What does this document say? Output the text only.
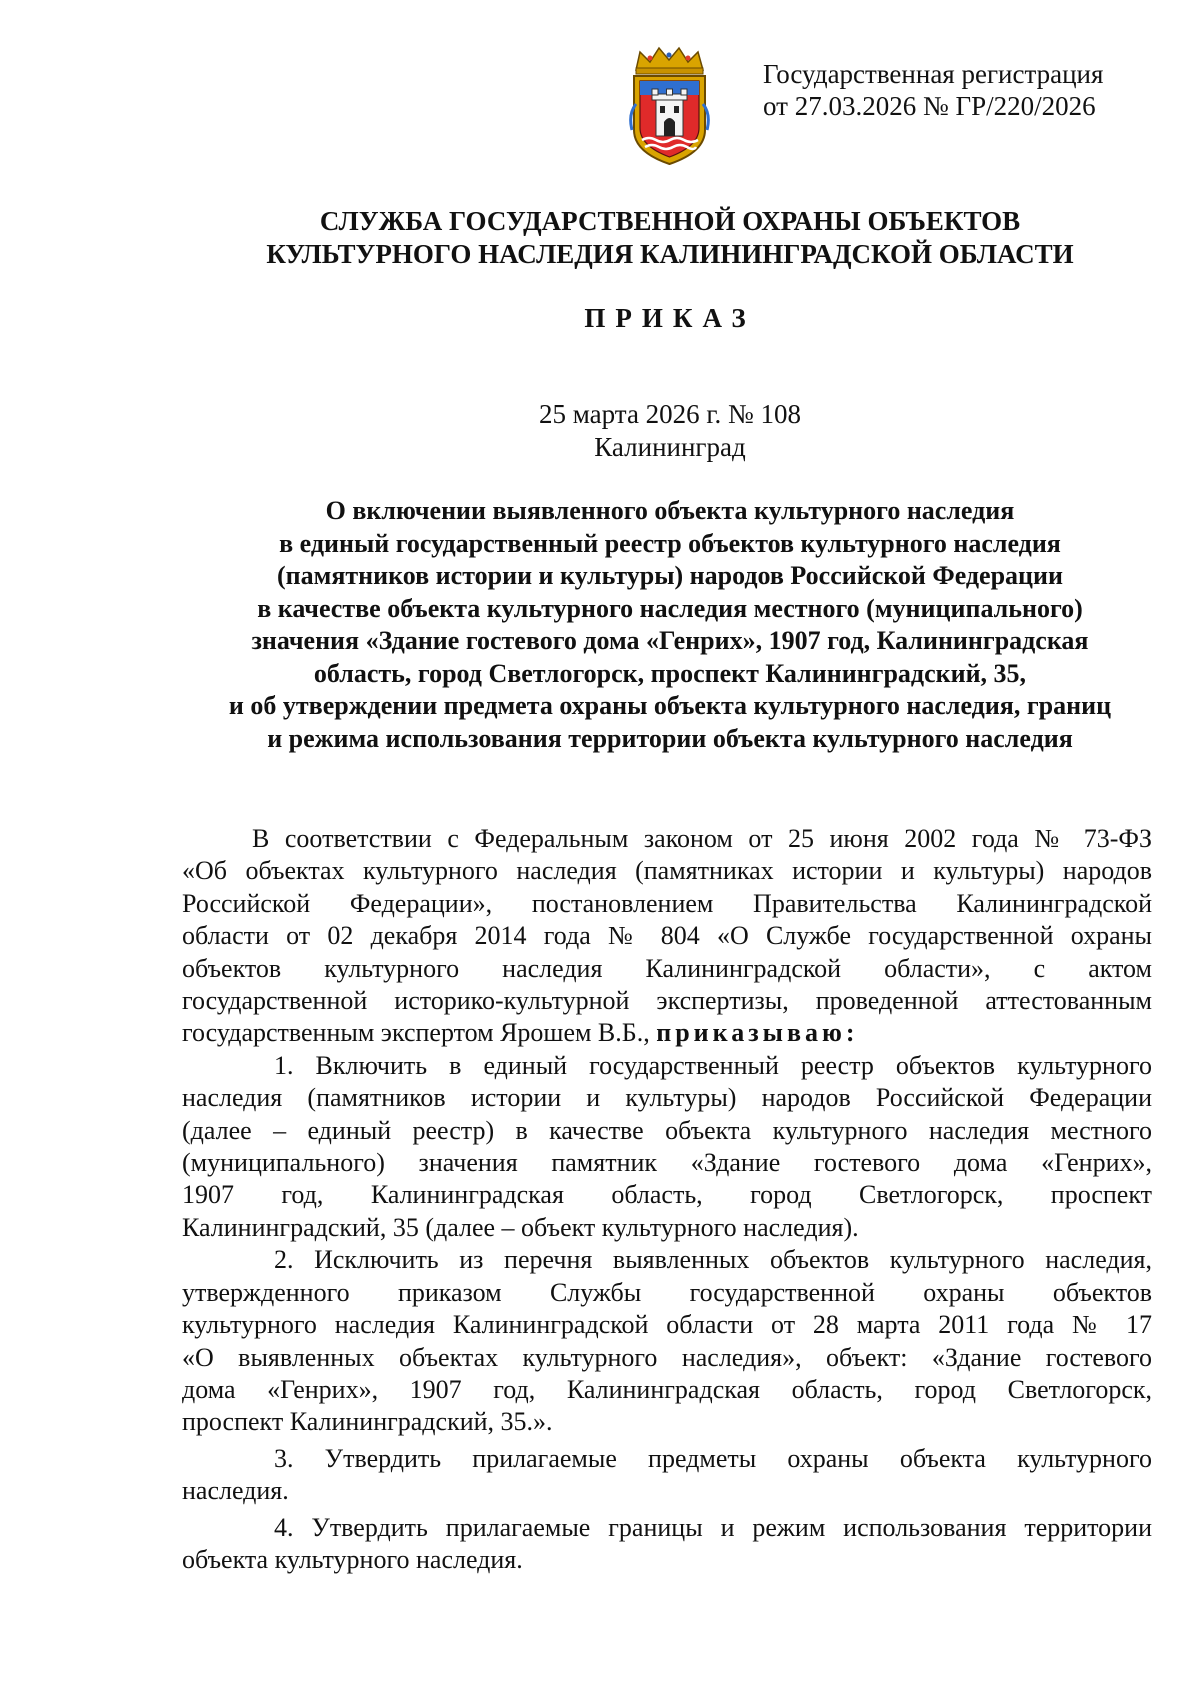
Государственная регистрация
от 27.03.2026 № ГР/220/2026
СЛУЖБА ГОСУДАРСТВЕННОЙ ОХРАНЫ ОБЪЕКТОВ
КУЛЬТУРНОГО НАСЛЕДИЯ КАЛИНИНГРАДСКОЙ ОБЛАСТИ
ПРИКАЗ
25 марта 2026 г. № 108
Калининград
О включении выявленного объекта культурного наследия
в единый государственный реестр объектов культурного наследия
(памятников истории и культуры) народов Российской Федерации
в качестве объекта культурного наследия местного (муниципального)
значения «Здание гостевого дома «Генрих», 1907 год, Калининградская
область, город Светлогорск, проспект Калининградский, 35,
и об утверждении предмета охраны объекта культурного наследия, границ
и режима использования территории объекта культурного наследия
В соответствии с Федеральным законом от 25 июня 2002 года № 73-ФЗ
«Об объектах культурного наследия (памятниках истории и культуры) народов
Российской Федерации», постановлением Правительства Калининградской
области от 02 декабря 2014 года № 804 «О Службе государственной охраны
объектов культурного наследия Калининградской области», с актом
государственной историко-культурной экспертизы, проведенной аттестованным
государственным экспертом Ярошем В.Б., приказываю:
1. Включить в единый государственный реестр объектов культурного
наследия (памятников истории и культуры) народов Российской Федерации
(далее – единый реестр) в качестве объекта культурного наследия местного
(муниципального) значения памятник «Здание гостевого дома «Генрих»,
1907 год, Калининградская область, город Светлогорск, проспект
Калининградский, 35 (далее – объект культурного наследия).
2. Исключить из перечня выявленных объектов культурного наследия,
утвержденного приказом Службы государственной охраны объектов
культурного наследия Калининградской области от 28 марта 2011 года № 17
«О выявленных объектах культурного наследия», объект: «Здание гостевого
дома «Генрих», 1907 год, Калининградская область, город Светлогорск,
проспект Калининградский, 35.».
3. Утвердить прилагаемые предметы охраны объекта культурного
наследия.
4. Утвердить прилагаемые границы и режим использования территории
объекта культурного наследия.
